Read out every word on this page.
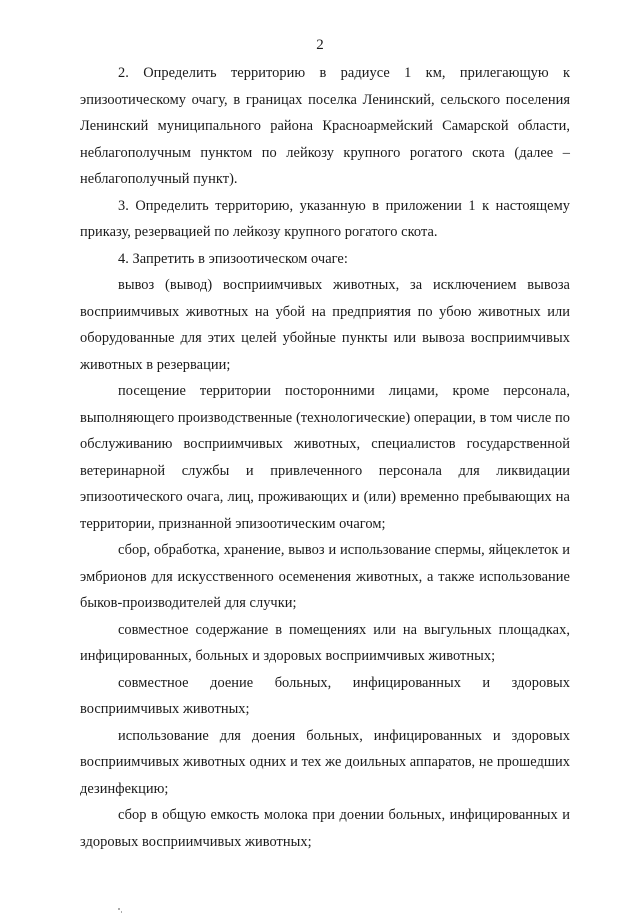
2

2. Определить территорию в радиусе 1 км, прилегающую к эпизоотическому очагу, в границах поселка Ленинский, сельского поселения Ленинский муниципального района Красноармейский Самарской области, неблагополучным пунктом по лейкозу крупного рогатого скота (далее – неблагополучный пункт).

3. Определить территорию, указанную в приложении 1 к настоящему приказу, резервацией по лейкозу крупного рогатого скота.

4. Запретить в эпизоотическом очаге:

вывоз (вывод) восприимчивых животных, за исключением вывоза восприимчивых животных на убой на предприятия по убою животных или оборудованные для этих целей убойные пункты или вывоза восприимчивых животных в резервации;

посещение территории посторонними лицами, кроме персонала, выполняющего производственные (технологические) операции, в том числе по обслуживанию восприимчивых животных, специалистов государственной ветеринарной службы и привлеченного персонала для ликвидации эпизоотического очага, лиц, проживающих и (или) временно пребывающих на территории, признанной эпизоотическим очагом;

сбор, обработка, хранение, вывоз и использование спермы, яйцеклеток и эмбрионов для искусственного осеменения животных, а также использование быков-производителей для случки;

совместное содержание в помещениях или на выгульных площадках, инфицированных, больных и здоровых восприимчивых животных;

совместное доение больных, инфицированных и здоровых восприимчивых животных;

использование для доения больных, инфицированных и здоровых восприимчивых животных одних и тех же доильных аппаратов, не прошедших дезинфекцию;

сбор в общую емкость молока при доении больных, инфицированных и здоровых восприимчивых животных;
